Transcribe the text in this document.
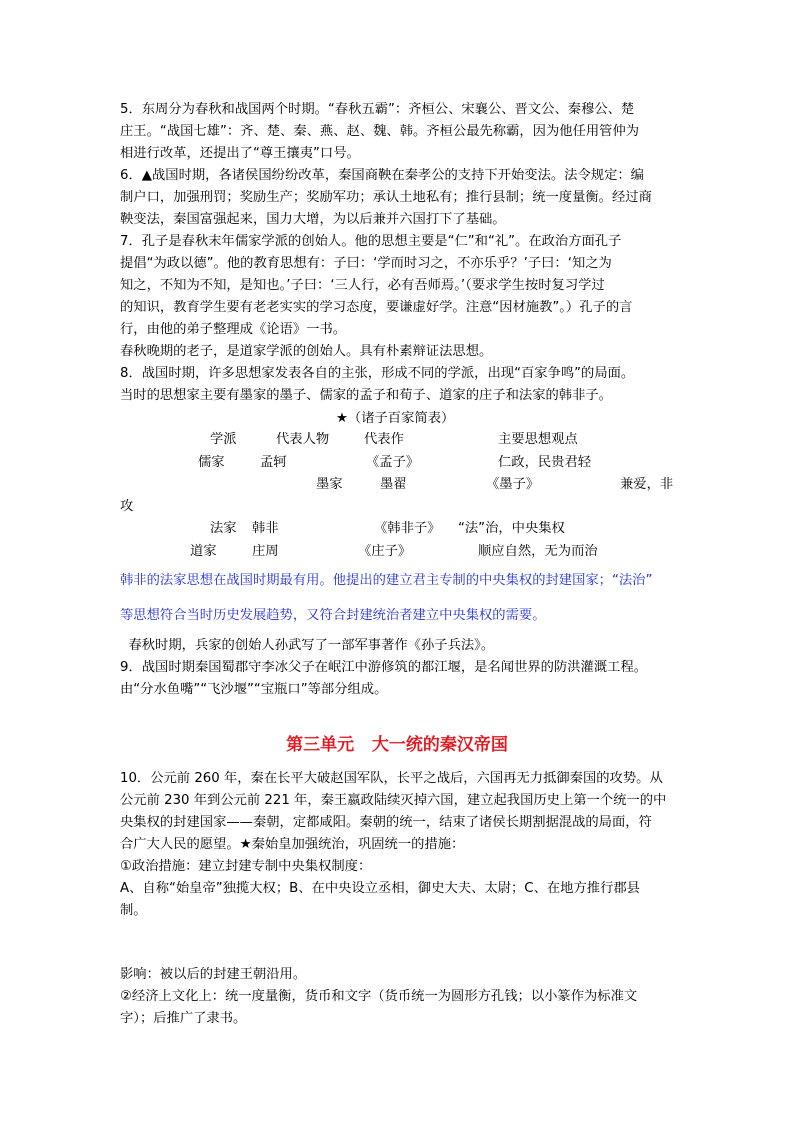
5．东周分为春秋和战国两个时期。“春秋五霸”：齐桓公、宋襄公、晋文公、秦穆公、楚
庄王。“战国七雄”：齐、楚、秦、燕、赵、魏、韩。齐桓公最先称霸，因为他任用管仲为
相进行改革，还提出了“尊王攘夷”口号。
6．▲战国时期，各诸侯国纷纷改革，秦国商鞅在秦孝公的支持下开始变法。法令规定：编
制户口，加强刑罚；奖励生产；奖励军功；承认土地私有；推行县制；统一度量衡。经过商
鞅变法，秦国富强起来，国力大增，为以后兼并六国打下了基础。
7．孔子是春秋末年儒家学派的创始人。他的思想主要是“仁”和“礼”。在政治方面孔子
提倡“为政以德”。他的教育思想有：子曰：‘学而时习之，不亦乐乎？’子曰：‘知之为
知之，不知为不知，是知也。’子曰：‘三人行，必有吾师焉。’（要求学生按时复习学过
的知识，教育学生要有老老实实的学习态度，要谦虚好学。注意“因材施教”。）孔子的言
行，由他的弟子整理成《论语》一书。
春秋晚期的老子，是道家学派的创始人。具有朴素辩证法思想。
8．战国时期，许多思想家发表各自的主张，形成不同的学派，出现“百家争鸣”的局面。
当时的思想家主要有墨家的墨子、儒家的孟子和荀子、道家的庄子和法家的韩非子。
★（诸子百家简表）
学派	代表人物	代表作	主要思想观点
儒家	孟轲	《孟子》	仁政，民贵君轻
墨家	墨翟	《墨子》	兼爱，非
攻
法家 韩非	《韩非子》 “法”治，中央集权
道家	庄周	《庄子》	顺应自然，无为而治
韩非的法家思想在战国时期最有用。他提出的建立君主专制的中央集权的封建国家；“法治”
等思想符合当时历史发展趋势，又符合封建统治者建立中央集权的需要。
春秋时期，兵家的创始人孙武写了一部军事著作《孙子兵法》。
9．战国时期秦国蜀郡守李冰父子在岷江中游修筑的都江堰，是名闻世界的防洪灌溉工程。
由“分水鱼嘴”“飞沙堰”“宝瓶口”等部分组成。
第三单元   大一统的秦汉帝国
10．公元前 260 年，秦在长平大破赵国军队，长平之战后，六国再无力抵御秦国的攻势。从
公元前 230 年到公元前 221 年，秦王嬴政陆续灭掉六国，建立起我国历史上第一个统一的中
央集权的封建国家——秦朝，定都咸阳。秦朝的统一，结束了诸侯长期割据混战的局面，符
合广大人民的愿望。★秦始皇加强统治，巩固统一的措施：
①政治措施：建立封建专制中央集权制度：
A、自称“始皇帝”独揽大权；B、在中央设立丞相，御史大夫、太尉；C、在地方推行郡县
制。
影响：被以后的封建王朝沿用。
②经济上文化上：统一度量衡，货币和文字（货币统一为圆形方孔钱；以小篆作为标准文
字）；后推广了隶书。
